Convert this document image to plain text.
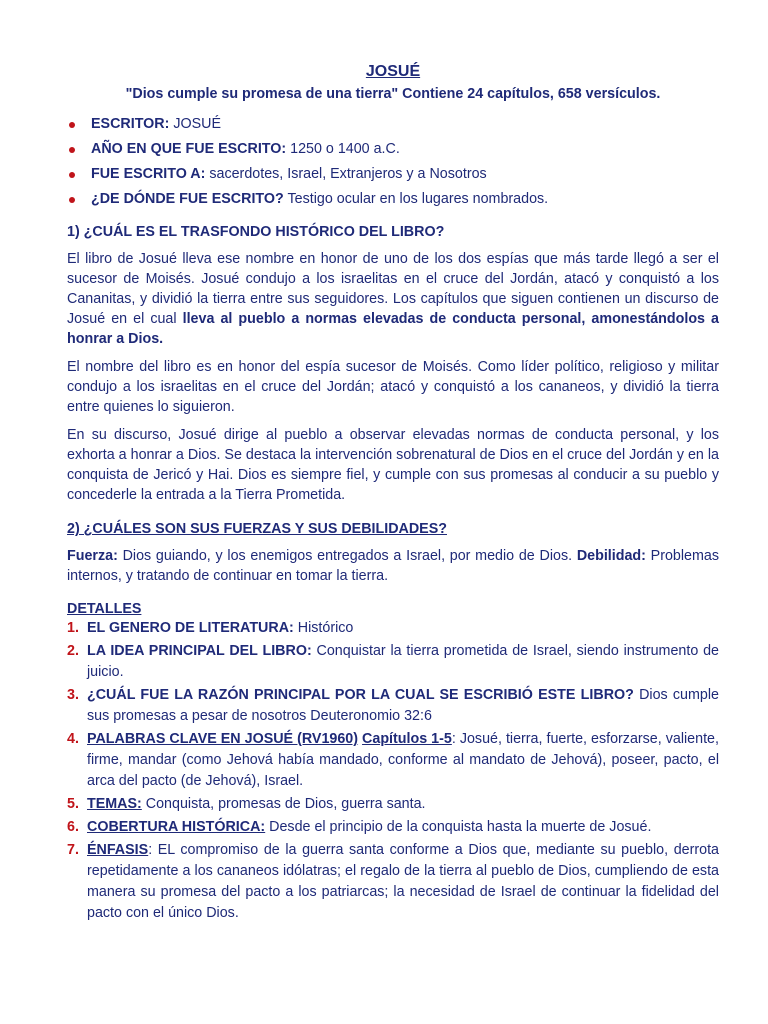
JOSUÉ
"Dios cumple su promesa de una tierra" Contiene 24 capítulos, 658 versículos.
ESCRITOR: JOSUÉ
AÑO EN QUE FUE ESCRITO: 1250 o 1400 a.C.
FUE ESCRITO A: sacerdotes, Israel, Extranjeros y a Nosotros
¿DE DÓNDE FUE ESCRITO? Testigo ocular en los lugares nombrados.
1) ¿CUÁL ES EL TRASFONDO HISTÓRICO DEL LIBRO?

El libro de Josué lleva ese nombre en honor de uno de los dos espías que más tarde llegó a ser el sucesor de Moisés. Josué condujo a los israelitas en el cruce del Jordán, atacó y conquistó a los Cananitas, y dividió la tierra entre sus seguidores. Los capítulos que siguen contienen un discurso de Josué en el cual lleva al pueblo a normas elevadas de conducta personal, amonestándolos a honrar a Dios.

El nombre del libro es en honor del espía sucesor de Moisés. Como líder político, religioso y militar condujo a los israelitas en el cruce del Jordán; atacó y conquistó a los cananeos, y dividió la tierra entre quienes lo siguieron.

En su discurso, Josué dirige al pueblo a observar elevadas normas de conducta personal, y los exhorta a honrar a Dios. Se destaca la intervención sobrenatural de Dios en el cruce del Jordán y en la conquista de Jericó y Hai. Dios es siempre fiel, y cumple con sus promesas al conducir a su pueblo y concederle la entrada a la Tierra Prometida.

2) ¿CUÁLES SON SUS FUERZAS Y SUS DEBILIDADES?

Fuerza: Dios guiando, y los enemigos entregados a Israel, por medio de Dios. Debilidad: Problemas internos, y tratando de continuar en tomar la tierra.

DETALLES
1. EL GENERO DE LITERATURA: Histórico
2. LA IDEA PRINCIPAL DEL LIBRO: Conquistar la tierra prometida de Israel, siendo instrumento de juicio.
3. ¿CUÁL FUE LA RAZÓN PRINCIPAL POR LA CUAL SE ESCRIBIÓ ESTE LIBRO? Dios cumple sus promesas a pesar de nosotros Deuteronomio 32:6
4. PALABRAS CLAVE EN JOSUÉ (RV1960) Capítulos 1-5: Josué, tierra, fuerte, esforzarse, valiente, firme, mandar (como Jehová había mandado, conforme al mandato de Jehová), poseer, pacto, el arca del pacto (de Jehová), Israel.
5. TEMAS: Conquista, promesas de Dios, guerra santa.
6. COBERTURA HISTÓRICA: Desde el principio de la conquista hasta la muerte de Josué.
7. ÉNFASIS: EL compromiso de la guerra santa conforme a Dios que, mediante su pueblo, derrota repetidamente a los cananeos idólatras; el regalo de la tierra al pueblo de Dios, cumpliendo de esta manera su promesa del pacto a los patriarcas; la necesidad de Israel de continuar la fidelidad del pacto con el único Dios.
